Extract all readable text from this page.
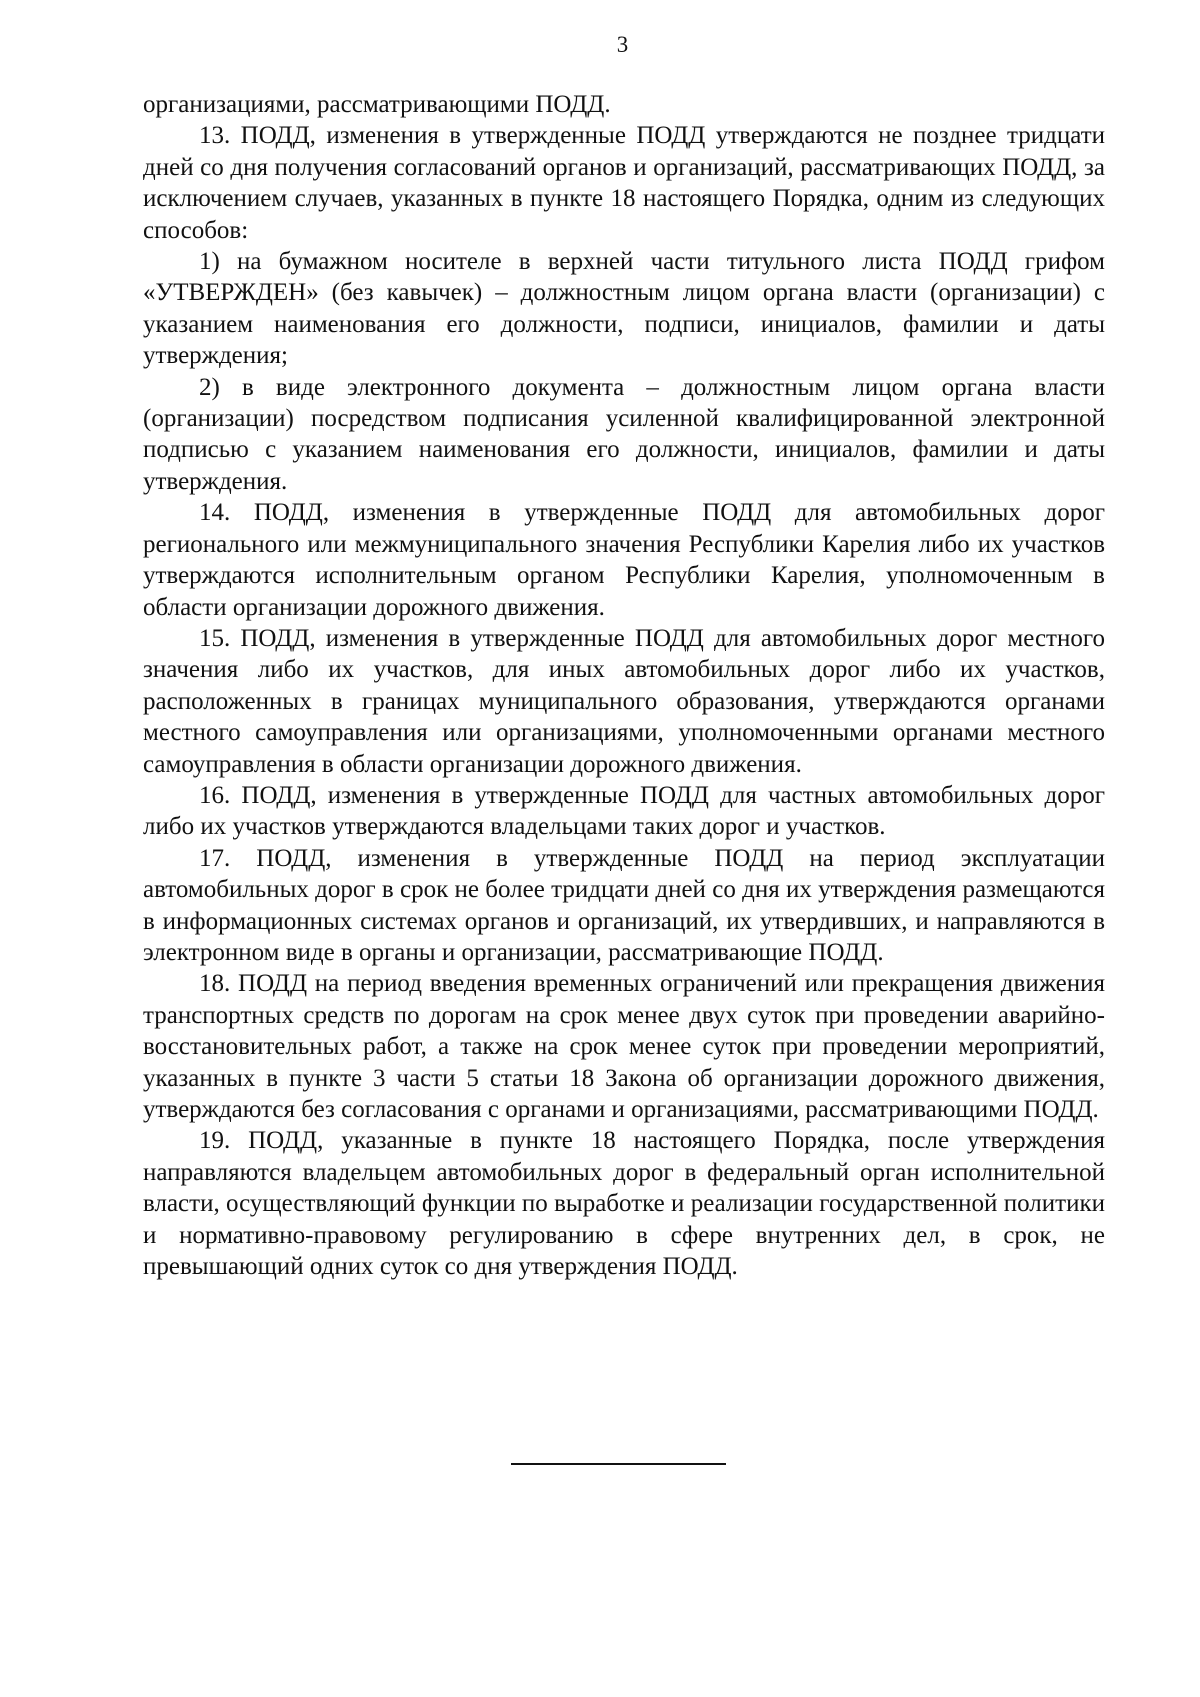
3

организациями, рассматривающими ПОДД.

13. ПОДД, изменения в утвержденные ПОДД утверждаются не позднее тридцати дней со дня получения согласований органов и организаций, рассматривающих ПОДД, за исключением случаев, указанных в пункте 18 настоящего Порядка, одним из следующих способов:

1) на бумажном носителе в верхней части титульного листа ПОДД грифом «УТВЕРЖДЕН» (без кавычек) – должностным лицом органа власти (организации) с указанием наименования его должности, подписи, инициалов, фамилии и даты утверждения;

2) в виде электронного документа – должностным лицом органа власти (организации) посредством подписания усиленной квалифицированной электронной подписью с указанием наименования его должности, инициалов, фамилии и даты утверждения.

14. ПОДД, изменения в утвержденные ПОДД для автомобильных дорог регионального или межмуниципального значения Республики Карелия либо их участков утверждаются исполнительным органом Республики Карелия, уполномоченным в области организации дорожного движения.

15. ПОДД, изменения в утвержденные ПОДД для автомобильных дорог местного значения либо их участков, для иных автомобильных дорог либо их участков, расположенных в границах муниципального образования, утверждаются органами местного самоуправления или организациями, уполномоченными органами местного самоуправления в области организации дорожного движения.

16. ПОДД, изменения в утвержденные ПОДД для частных автомобильных дорог либо их участков утверждаются владельцами таких дорог и участков.

17. ПОДД, изменения в утвержденные ПОДД на период эксплуатации автомобильных дорог в срок не более тридцати дней со дня их утверждения размещаются в информационных системах органов и организаций, их утвердивших, и направляются в электронном виде в органы и организации, рассматривающие ПОДД.

18. ПОДД на период введения временных ограничений или прекращения движения транспортных средств по дорогам на срок менее двух суток при проведении аварийно-восстановительных работ, а также на срок менее суток при проведении мероприятий, указанных в пункте 3 части 5 статьи 18 Закона об организации дорожного движения, утверждаются без согласования с органами и организациями, рассматривающими ПОДД.

19. ПОДД, указанные в пункте 18 настоящего Порядка, после утверждения направляются владельцем автомобильных дорог в федеральный орган исполнительной власти, осуществляющий функции по выработке и реализации государственной политики и нормативно-правовому регулированию в сфере внутренних дел, в срок, не превышающий одних суток со дня утверждения ПОДД.
